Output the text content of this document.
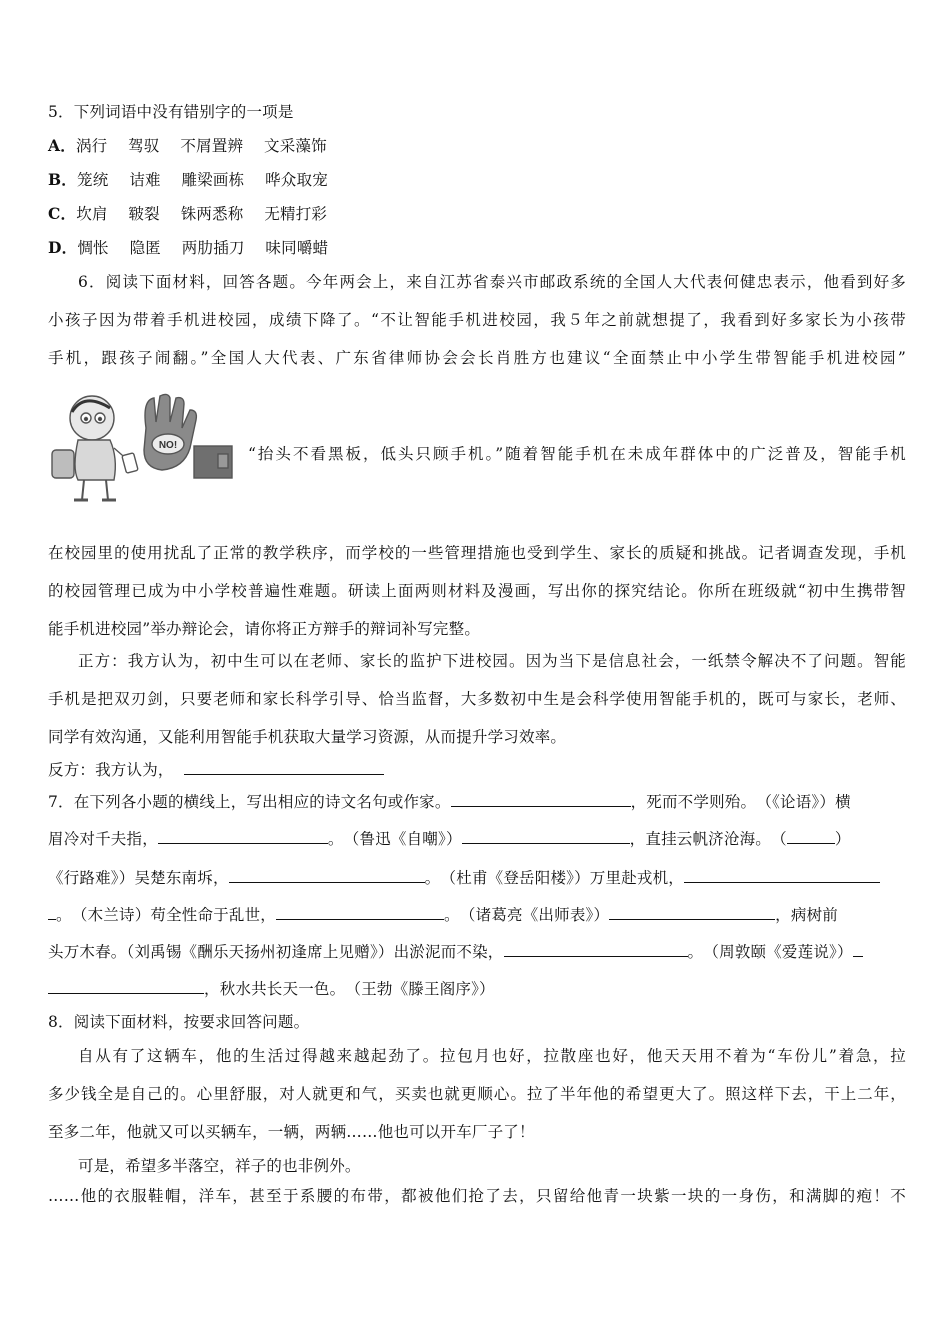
5．下列词语中没有错别字的一项是
A．涡行　 驾驭　 不屑置辨　 文采藻饰
B．笼统　 诘难　 雕梁画栋　 哗众取宠
C．坎肩　 皲裂　 铢两悉称　 无精打彩
D．惆怅　 隐匿　 两肋插刀　 味同嚼蜡
6．阅读下面材料，回答各题。今年两会上，来自江苏省泰兴市邮政系统的全国人大代表何健忠表示，他看到好多
小孩子因为带着手机进校园，成绩下降了。“不让智能手机进校园，我５年之前就想提了，我看到好多家长为小孩带
手机，跟孩子闹翻。”全国人大代表、广东省律师协会会长肖胜方也建议“全面禁止中小学生带智能手机进校园”
NO!	“抬头不看黑板，低头只顾手机。”随着智能手机在未成年群体中的广泛普及，智能手机
在校园里的使用扰乱了正常的教学秩序，而学校的一些管理措施也受到学生、家长的质疑和挑战。记者调查发现，手机
的校园管理已成为中小学校普遍性难题。研读上面两则材料及漫画，写出你的探究结论。你所在班级就“初中生携带智
能手机进校园”举办辩论会，请你将正方辩手的辩词补写完整。
正方：我方认为，初中生可以在老师、家长的监护下进校园。因为当下是信息社会，一纸禁令解决不了问题。智能
手机是把双刃剑，只要老师和家长科学引导、恰当监督，大多数初中生是会科学使用智能手机的，既可与家长，老师、
同学有效沟通，又能利用智能手机获取大量学习资源，从而提升学习效率。
反方：我方认为，
7．在下列各小题的横线上，写出相应的诗文名句或作家。	，死而不学则殆。　（《论语》）横
眉冷对千夫指，	。　（鲁迅《自嘲》）	，直挂云帆济沧海。　（	）
《行路难》）吴楚东南坼，	。　（杜甫《登岳阳楼》）万里赴戎机，
。　（木兰诗）苟全性命于乱世，	。　（诸葛亮《出师表》）	，病树前
头万木春。（刘禹锡《酬乐天扬州初逢席上见赠》）出淤泥而不染，	。　（周敦颐《爱莲说》）
，秋水共长天一色。　（王勃《滕王阁序》）
8．阅读下面材料，按要求回答问题。
自从有了这辆车，他的生活过得越来越起劲了。拉包月也好，拉散座也好，他天天用不着为“车份儿”着急，拉
多少钱全是自己的。心里舒服，对人就更和气，买卖也就更顺心。拉了半年他的希望更大了。照这样下去，干上二年，
至多二年，他就又可以买辆车，一辆，两辆……他也可以开车厂子了！
可是，希望多半落空，祥子的也非例外。
……他的衣服鞋帽，洋车，甚至于系腰的布带，都被他们抢了去，只留给他青一块紫一块的一身伤，和满脚的疱！不
